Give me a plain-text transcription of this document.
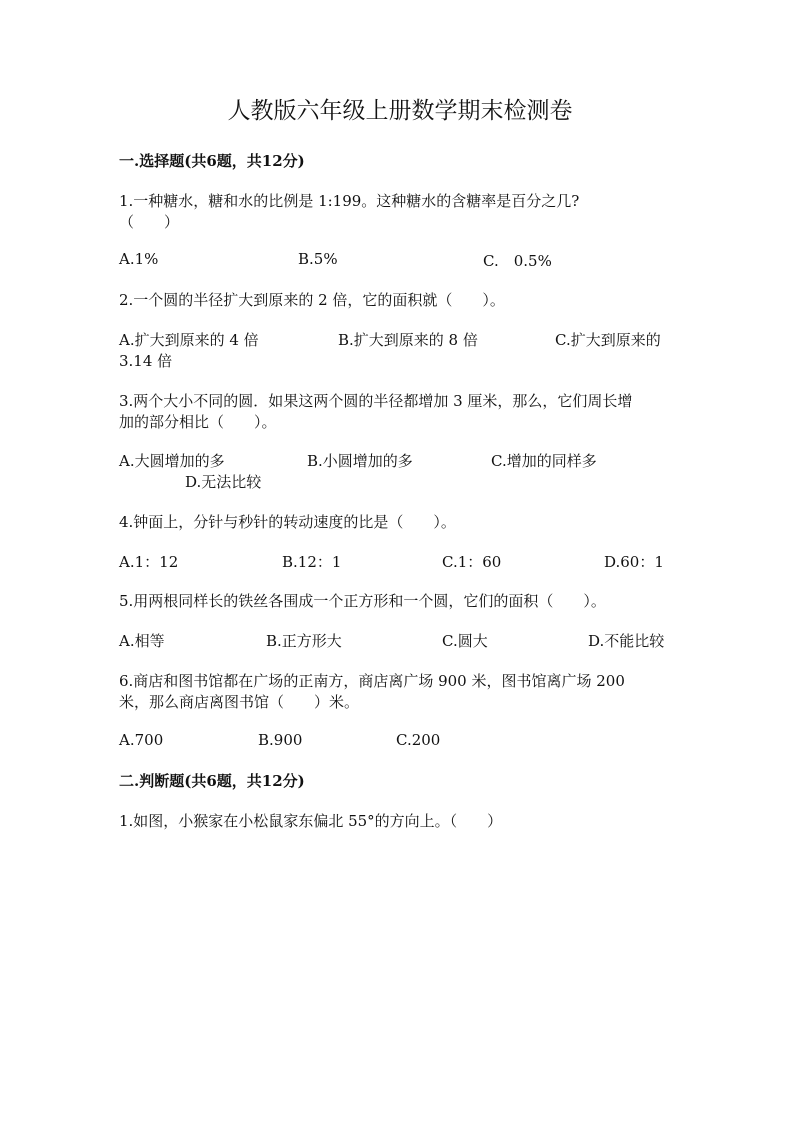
人教版六年级上册数学期末检测卷
一.选择题(共6题，共12分)
1.一种糖水，糖和水的比例是 1:199。这种糖水的含糖率是百分之几?
（　　）
A.1%	B.5%	C.　0.5%
2.一个圆的半径扩大到原来的 2 倍，它的面积就（　　）。
A.扩大到原来的 4 倍	B.扩大到原来的 8 倍	C.扩大到原来的
3.14 倍
3.两个大小不同的圆．如果这两个圆的半径都增加 3 厘米，那么，它们周长增
加的部分相比（　　）。
A.大圆增加的多	B.小圆增加的多	C.增加的同样多
D.无法比较
4.钟面上，分针与秒针的转动速度的比是（　　）。
A.1：12	B.12：1	C.1：60	D.60：1
5.用两根同样长的铁丝各围成一个正方形和一个圆，它们的面积（　　）。
A.相等	B.正方形大	C.圆大	D.不能比较
6.商店和图书馆都在广场的正南方，商店离广场 900 米，图书馆离广场 200
米，那么商店离图书馆（　　）米。
A.700	B.900	C.200
二.判断题(共6题，共12分)
1.如图，小猴家在小松鼠家东偏北 55°的方向上。（　　）
